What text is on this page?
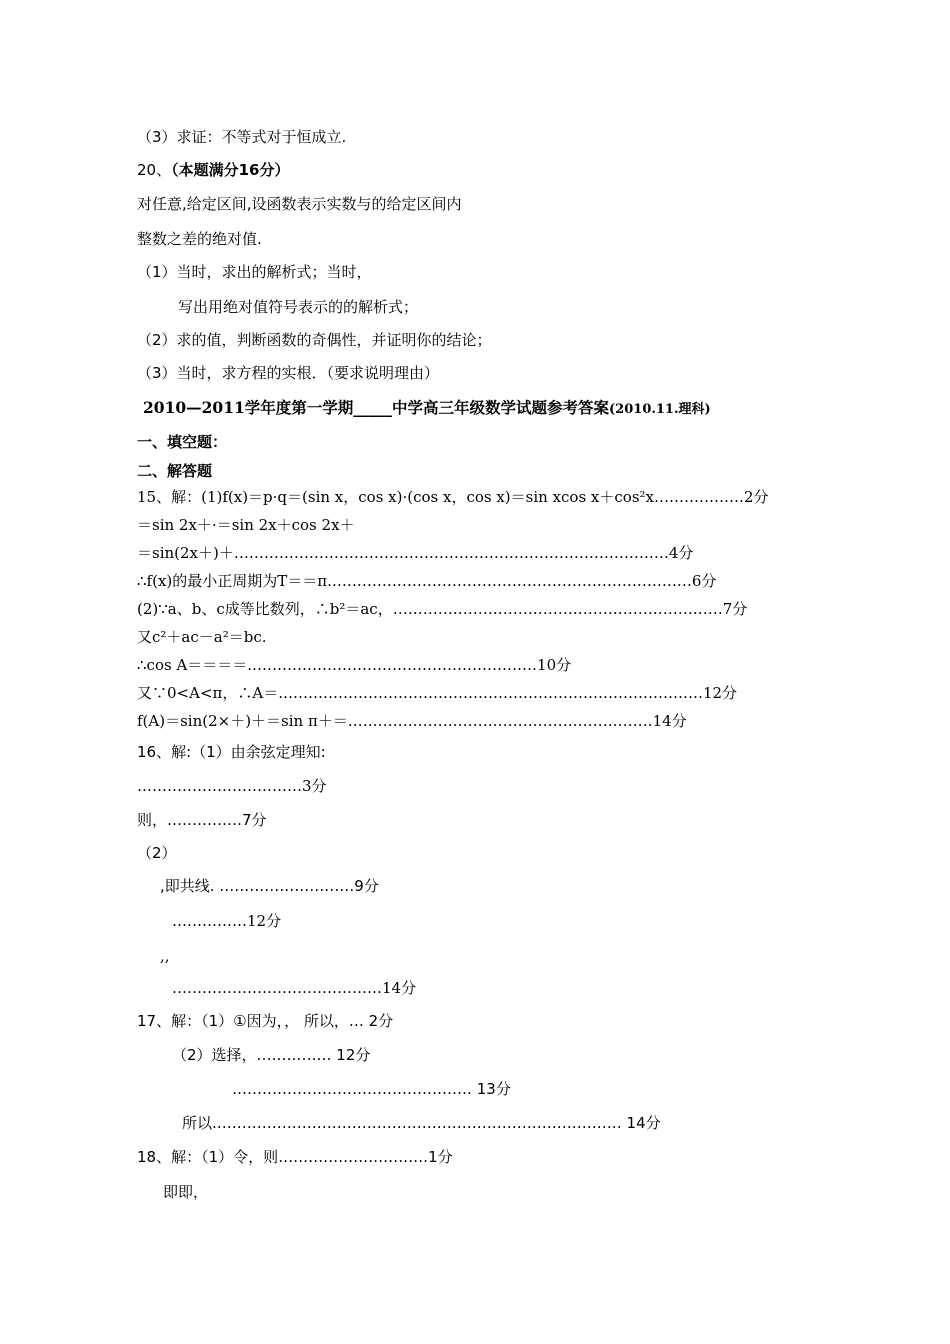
（3）求证：不等式对于恒成立.
20、（本题满分16分）
对任意,给定区间,设函数表示实数与的给定区间内
整数之差的绝对值.
（1）当时，求出的解析式；当时，
写出用绝对值符号表示的的解析式；
（2）求的值，判断函数的奇偶性，并证明你的结论；
（3）当时，求方程的实根．（要求说明理由）
2010—2011学年度第一学期_____中学高三年级数学试题参考答案(2010.11.理科)
一、填空题：
二、解答题
15、解：(1)f(x)＝p·q＝(sin x，cos x)·(cos x，cos x)＝sin xcos x＋cos²x………………2分
＝sin 2x＋·＝sin 2x＋cos 2x＋
＝sin(2x＋)＋……………………………………………………………………………4分
∴f(x)的最小正周期为T＝＝π.………………………………………………………………6分
(2)∵a、b、c成等比数列，∴b²＝ac，…………………………………………………………7分
又c²＋ac－a²＝bc.
∴cos A＝＝＝＝.…………………………………………………10分
又∵0<A<π，∴A＝.…………………………………………………………………………12分
f(A)＝sin(2×＋)＋＝sin π＋＝.……………………………………………………14分
16、解:（1）由余弦定理知:
……………………………3分
则，……………7分
（2）
,即共线. ………………………9分
……………12分
,,
……………………………………14分
17、解：（1）①因为，， 所以，… 2分
（2）选择，…………… 12分
………………………………………… 13分
所以.……………………………………………………………………… 14分
18、解：（1）令，则…………………………1分
即即，
